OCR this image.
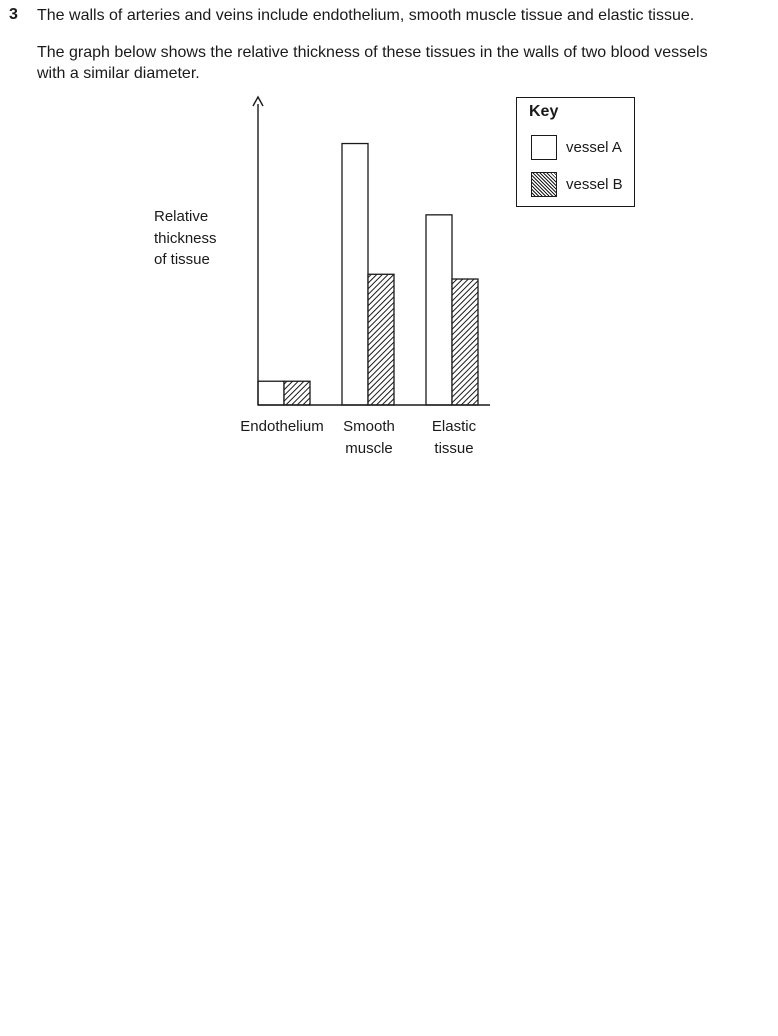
3 The walls of arteries and veins include endothelium, smooth muscle tissue and elastic tissue.
The graph below shows the relative thickness of these tissues in the walls of two blood vessels with a similar diameter.
Relative
thickness
of tissue
Endothelium	Smooth
muscle
Elastic
tissue
Key
vessel A
vessel B
